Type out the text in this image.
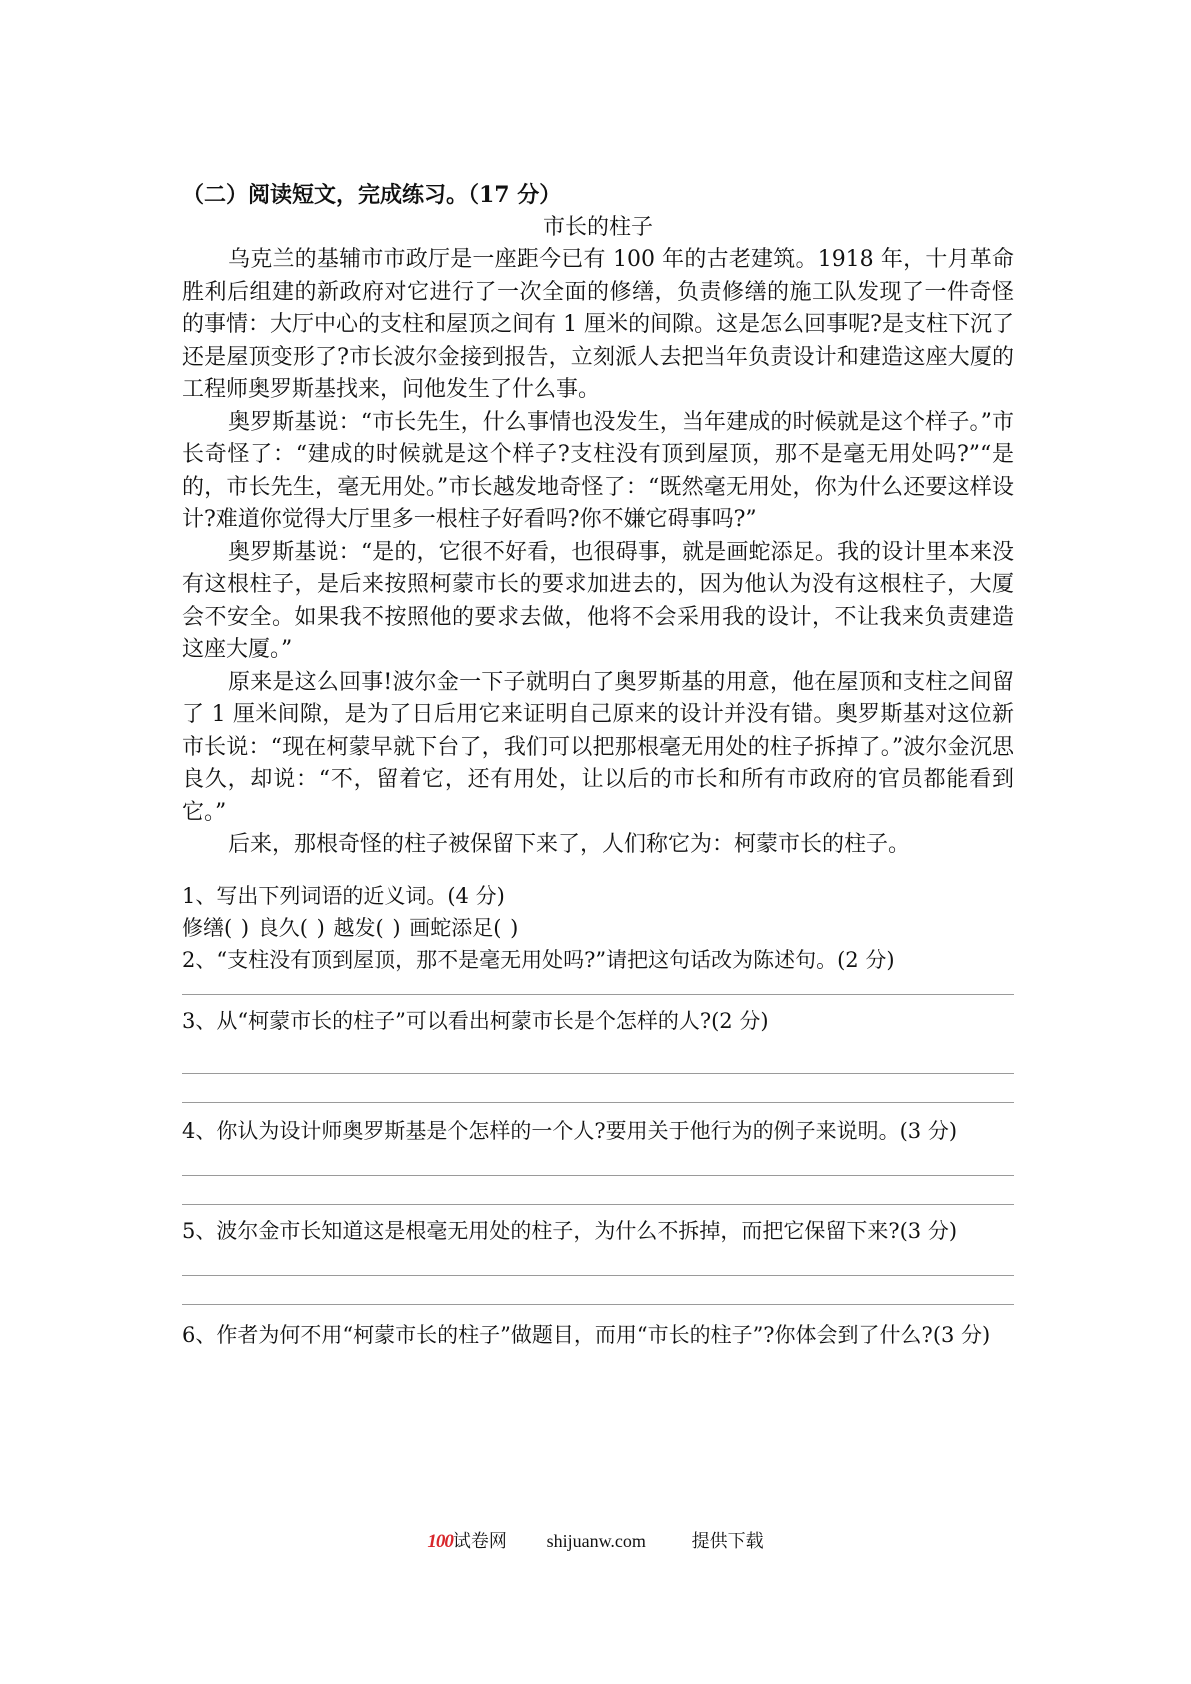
（二）阅读短文，完成练习。（17 分）

市长的柱子

乌克兰的基辅市市政厅是一座距今已有 100 年的古老建筑。1918 年，十月革命胜利后组建的新政府对它进行了一次全面的修缮，负责修缮的施工队发现了一件奇怪的事情：大厅中心的支柱和屋顶之间有 1 厘米的间隙。这是怎么回事呢?是支柱下沉了还是屋顶变形了?市长波尔金接到报告，立刻派人去把当年负责设计和建造这座大厦的工程师奥罗斯基找来，问他发生了什么事。

奥罗斯基说：“市长先生，什么事情也没发生，当年建成的时候就是这个样子。”市长奇怪了：“建成的时候就是这个样子?支柱没有顶到屋顶，那不是毫无用处吗?”“是的，市长先生，毫无用处。”市长越发地奇怪了：“既然毫无用处，你为什么还要这样设计?难道你觉得大厅里多一根柱子好看吗?你不嫌它碍事吗?”

奥罗斯基说：“是的，它很不好看，也很碍事，就是画蛇添足。我的设计里本来没有这根柱子，是后来按照柯蒙市长的要求加进去的，因为他认为没有这根柱子，大厦会不安全。如果我不按照他的要求去做，他将不会采用我的设计，不让我来负责建造这座大厦。”

原来是这么回事!波尔金一下子就明白了奥罗斯基的用意，他在屋顶和支柱之间留了 1 厘米间隙，是为了日后用它来证明自己原来的设计并没有错。奥罗斯基对这位新市长说：“现在柯蒙早就下台了，我们可以把那根毫无用处的柱子拆掉了。”波尔金沉思良久，却说：“不，留着它，还有用处，让以后的市长和所有市政府的官员都能看到它。”

后来，那根奇怪的柱子被保留下来了，人们称它为：柯蒙市长的柱子。

1、写出下列词语的近义词。(4 分)

修缮( ) 良久( ) 越发( ) 画蛇添足( )

2、“支柱没有顶到屋顶，那不是毫无用处吗?”请把这句话改为陈述句。(2 分)

3、从“柯蒙市长的柱子”可以看出柯蒙市长是个怎样的人?(2 分)

4、你认为设计师奥罗斯基是个怎样的一个人?要用关于他行为的例子来说明。(3 分)

5、波尔金市长知道这是根毫无用处的柱子，为什么不拆掉，而把它保留下来?(3 分)

6、作者为何不用“柯蒙市长的柱子”做题目，而用“市长的柱子”?你体会到了什么?(3 分)

100试卷网 shijuanw.com	提供下载
